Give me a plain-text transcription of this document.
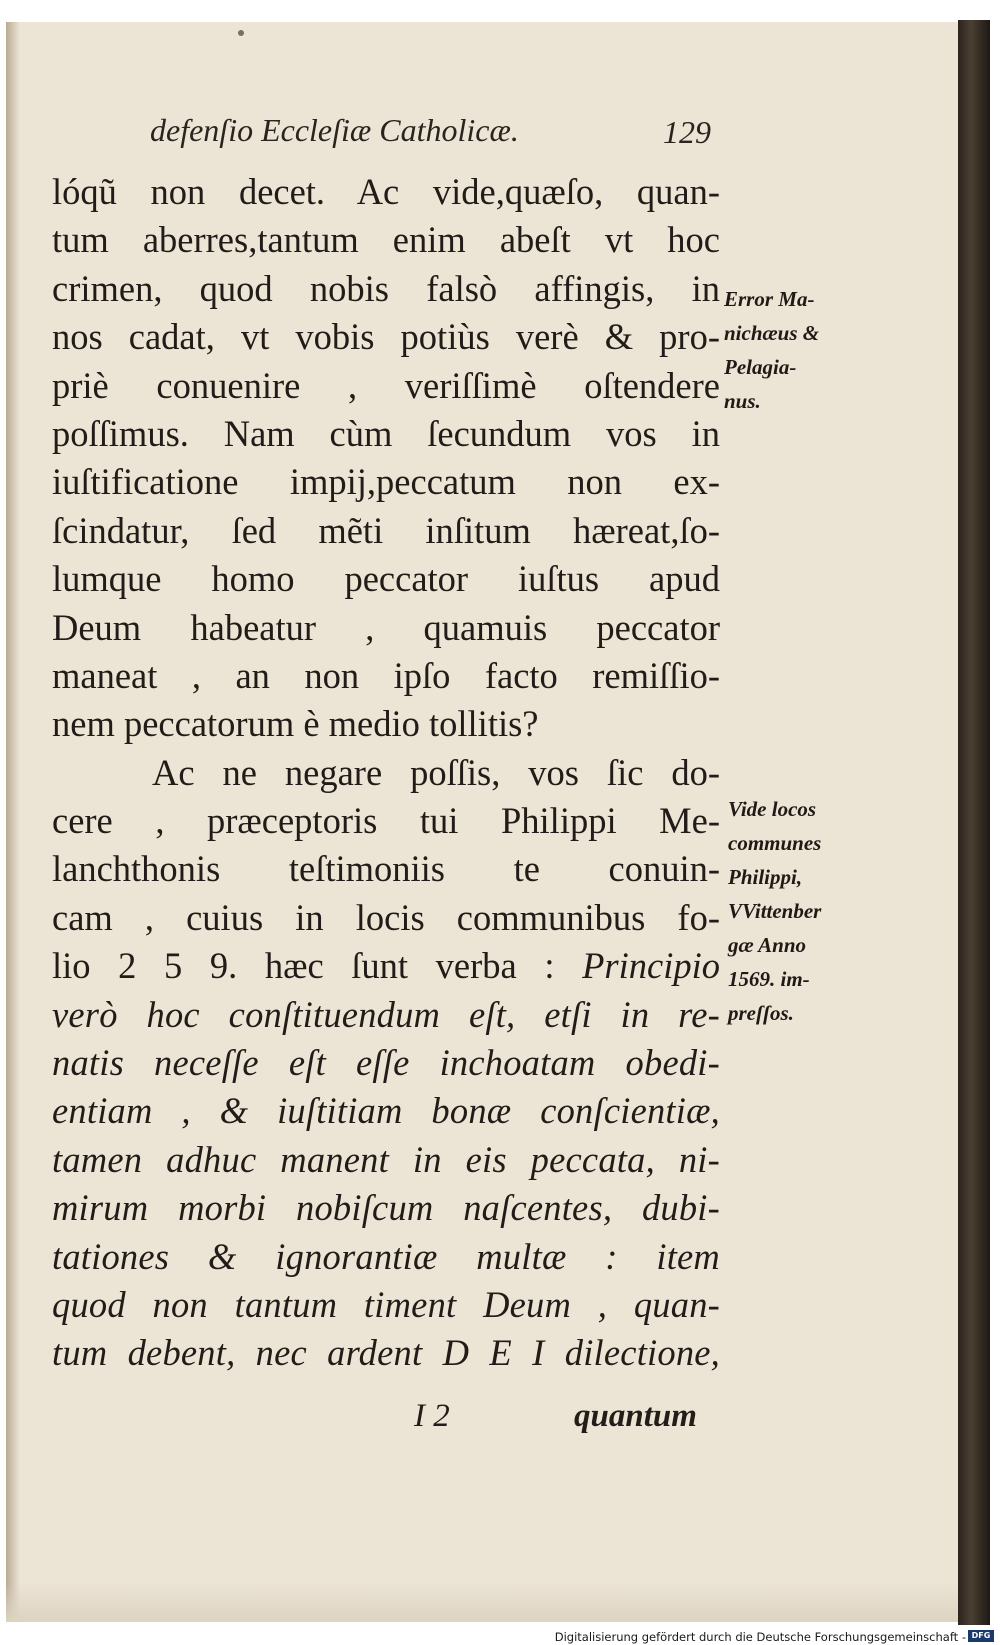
defenſio Eccleſiæ Catholicæ.	129
lóqũ non decet. Ac vide,quæſo, quan-
tum aberres,tantum enim abeſt vt hoc
crimen, quod nobis falsò affingis, in
nos cadat, vt vobis potiùs verè & pro-
priè conuenire , veriſſimè oſtendere
poſſimus. Nam cùm ſecundum vos in
iuſtificatione impij,peccatum non ex-
ſcindatur, ſed mẽti inſitum hæreat,ſo-
lumque homo peccator iuſtus apud
Deum habeatur , quamuis peccator
maneat , an non ipſo facto remiſſio-
nem peccatorum è medio tollitis?
Ac ne negare poſſis, vos ſic do-
cere , præceptoris tui Philippi Me-
lanchthonis teſtimoniis te conuin-
cam , cuius in locis communibus fo-
lio 2 5 9. hæc ſunt verba : Principio
verò hoc conſtituendum eſt, etſi in re-
natis neceſſe eſt eſſe inchoatam obedi-
entiam , & iuſtitiam bonæ conſcientiæ,
tamen adhuc manent in eis peccata, ni-
mirum morbi nobiſcum naſcentes, dubi-
tationes & ignorantiæ multæ : item
quod non tantum timent Deum , quan-
tum debent, nec ardent D E I dilectione,
Error Ma-
nichæus &
Pelagia-
nus.
Vide locos
communes
Philippi,
VVittenber
gæ Anno
1569. im-
preſſos.
I 2	quantum
Digitalisierung gefördert durch die Deutsche Forschungsgemeinschaft - DFG
